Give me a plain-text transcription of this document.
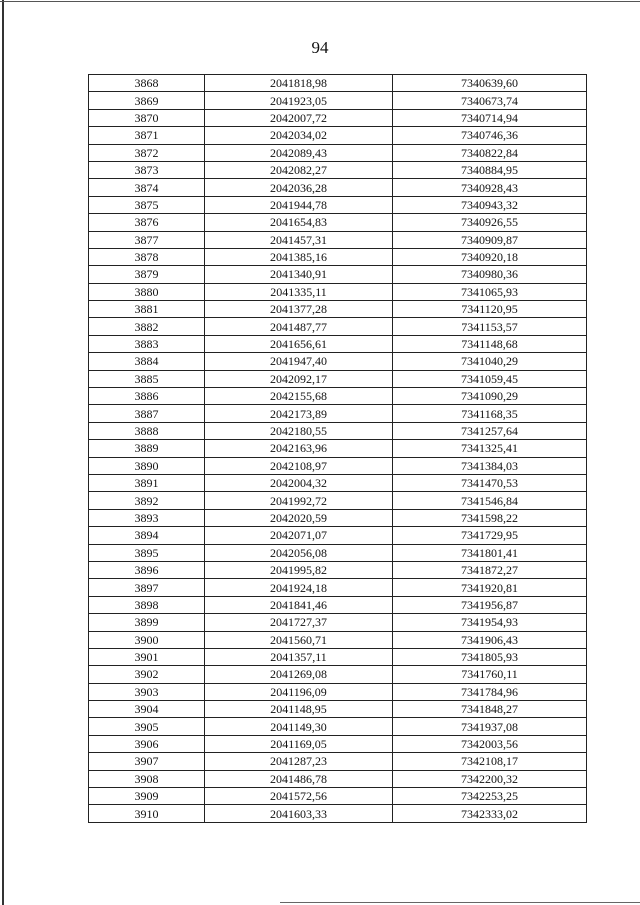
94
3868	2041818,98	7340639,60
3869	2041923,05	7340673,74
3870	2042007,72	7340714,94
3871	2042034,02	7340746,36
3872	2042089,43	7340822,84
3873	2042082,27	7340884,95
3874	2042036,28	7340928,43
3875	2041944,78	7340943,32
3876	2041654,83	7340926,55
3877	2041457,31	7340909,87
3878	2041385,16	7340920,18
3879	2041340,91	7340980,36
3880	2041335,11	7341065,93
3881	2041377,28	7341120,95
3882	2041487,77	7341153,57
3883	2041656,61	7341148,68
3884	2041947,40	7341040,29
3885	2042092,17	7341059,45
3886	2042155,68	7341090,29
3887	2042173,89	7341168,35
3888	2042180,55	7341257,64
3889	2042163,96	7341325,41
3890	2042108,97	7341384,03
3891	2042004,32	7341470,53
3892	2041992,72	7341546,84
3893	2042020,59	7341598,22
3894	2042071,07	7341729,95
3895	2042056,08	7341801,41
3896	2041995,82	7341872,27
3897	2041924,18	7341920,81
3898	2041841,46	7341956,87
3899	2041727,37	7341954,93
3900	2041560,71	7341906,43
3901	2041357,11	7341805,93
3902	2041269,08	7341760,11
3903	2041196,09	7341784,96
3904	2041148,95	7341848,27
3905	2041149,30	7341937,08
3906	2041169,05	7342003,56
3907	2041287,23	7342108,17
3908	2041486,78	7342200,32
3909	2041572,56	7342253,25
3910	2041603,33	7342333,02
